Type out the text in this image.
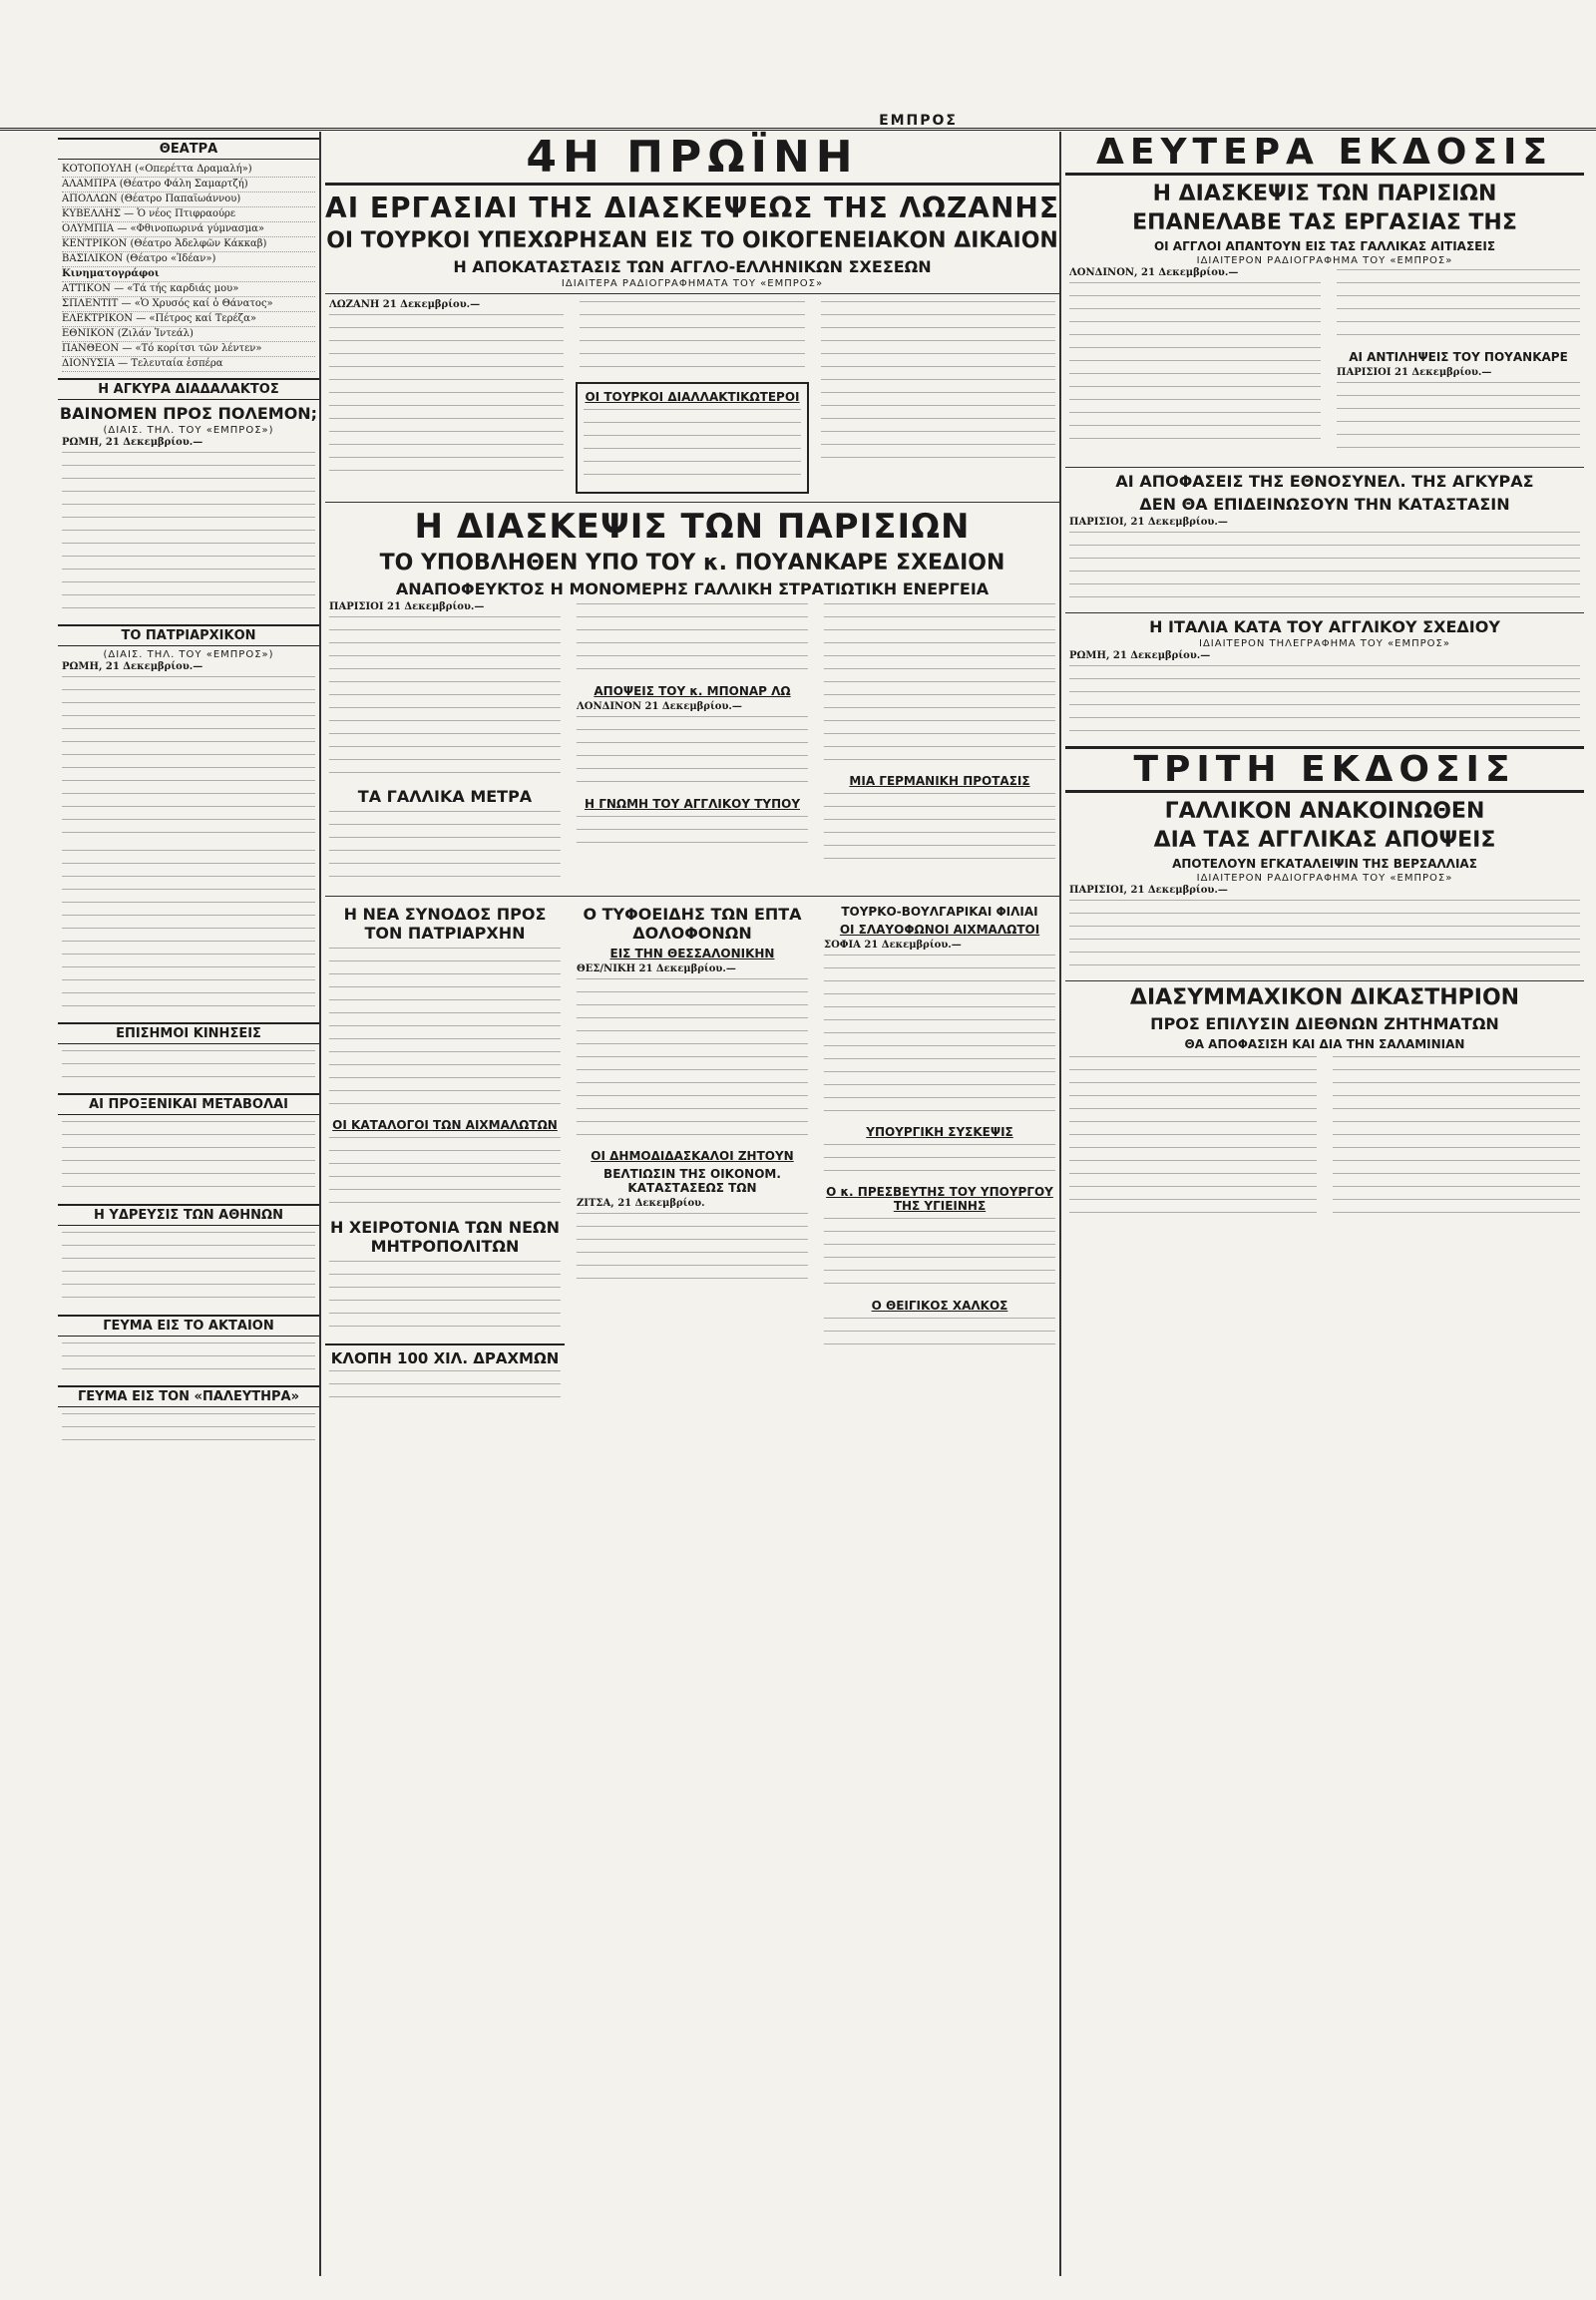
ΕΜΠΡΟΣ
ΘΕΑΤΡΑ
ΚΟΤΟΠΟΥΛΗ («Οπερέττα Δραμαλή»)
ΑΛΑΜΠΡΑ (Θέατρο Φάλη Σαμαρτζή)
ΑΠΟΛΛΩΝ (Θέατρο Παπαϊωάννου)
ΚΥΒΕΛΛΗΣ — Ὁ νέος Πτιφραούρε
ΟΛΥΜΠΙΑ — «Φθινοπωρινά γύμνασμα»
ΚΕΝΤΡΙΚΟΝ (Θέατρο Ἀδελφῶν Κάκκαβ)
ΒΑΣΙΛΙΚΟΝ (Θέατρο «Ἰδέαν»)
Κινηματογράφοι
ΑΤΤΙΚΟΝ — «Τά τής καρδιάς μου»
ΣΠΛΕΝΤΙΤ — «Ὁ Χρυσός καί ὁ Θάνατος»
ΕΛΕΚΤΡΙΚΟΝ — «Πέτρος καί Τερέζα»
ΕΘΝΙΚΟΝ (Ζιλάν Ἰντεάλ)
ΠΑΝΘΕΟΝ — «Τό κορίτσι τῶν λέντεν»
ΔΙΟΝΥΣΙΑ — Τελευταία ἑσπέρα
Η ΑΓΚΥΡΑ ΔΙΑΔΑΛΑΚΤΟΣ
ΒΑΙΝΟΜΕΝ ΠΡΟΣ ΠΟΛΕΜΟΝ;
(ΔΙΑΙΣ. ΤΗΛ. ΤΟΥ «ΕΜΠΡΟΣ»)
ΡΩΜΗ, 21 Δεκεμβρίου.—
ΤΟ ΠΑΤΡΙΑΡΧΙΚΟΝ
(ΔΙΑΙΣ. ΤΗΛ. ΤΟΥ «ΕΜΠΡΟΣ»)
ΡΩΜΗ, 21 Δεκεμβρίου.—
ΕΠΙΣΗΜΟΙ ΚΙΝΗΣΕΙΣ
ΑΙ ΠΡΟΞΕΝΙΚΑΙ ΜΕΤΑΒΟΛΑΙ
Η ΥΔΡΕΥΣΙΣ ΤΩΝ ΑΘΗΝΩΝ
ΓΕΥΜΑ ΕΙΣ ΤΟ ΑΚΤΑΙΟΝ
ΓΕΥΜΑ ΕΙΣ ΤΟΝ «ΠΑΛΕΥΤΗΡΑ»
4Η ΠΡΩΪΝΗ
ΑΙ ΕΡΓΑΣΙΑΙ ΤΗΣ ΔΙΑΣΚΕΨΕΩΣ ΤΗΣ ΛΩΖΑΝΗΣ
ΟΙ ΤΟΥΡΚΟΙ ΥΠΕΧΩΡΗΣΑΝ ΕΙΣ ΤΟ ΟΙΚΟΓΕΝΕΙΑΚΟΝ ΔΙΚΑΙΟΝ
Η ΑΠΟΚΑΤΑΣΤΑΣΙΣ ΤΩΝ ΑΓΓΛΟ-ΕΛΛΗΝΙΚΩΝ ΣΧΕΣΕΩΝ
ΙΔΙΑΙΤΕΡΑ ΡΑΔΙΟΓΡΑΦΗΜΑΤΑ ΤΟΥ «ΕΜΠΡΟΣ»
ΛΩΖΑΝΗ 21 Δεκεμβρίου.—
ΟΙ ΤΟΥΡΚΟΙ ΔΙΑΛΛΑΚΤΙΚΩΤΕΡΟΙ
Η ΔΙΑΣΚΕΨΙΣ ΤΩΝ ΠΑΡΙΣΙΩΝ
ΤΟ ΥΠΟΒΛΗΘΕΝ ΥΠΟ ΤΟΥ κ. ΠΟΥΑΝΚΑΡΕ ΣΧΕΔΙΟΝ
ΑΝΑΠΟΦΕΥΚΤΟΣ Η ΜΟΝΟΜΕΡΗΣ ΓΑΛΛΙΚΗ ΣΤΡΑΤΙΩΤΙΚΗ ΕΝΕΡΓΕΙΑ
ΠΑΡΙΣΙΟΙ 21 Δεκεμβρίου.—
ΤΑ ΓΑΛΛΙΚΑ ΜΕΤΡΑ
ΑΠΟΨΕΙΣ ΤΟΥ κ. ΜΠΟΝΑΡ ΛΩ
ΛΟΝΔΙΝΟΝ 21 Δεκεμβρίου.—
Η ΓΝΩΜΗ ΤΟΥ ΑΓΓΛΙΚΟΥ ΤΥΠΟΥ
ΜΙΑ ΓΕΡΜΑΝΙΚΗ ΠΡΟΤΑΣΙΣ
Η ΝΕΑ ΣΥΝΟΔΟΣ ΠΡΟΣ ΤΟΝ ΠΑΤΡΙΑΡΧΗΝ
ΟΙ ΚΑΤΑΛΟΓΟΙ ΤΩΝ ΑΙΧΜΑΛΩΤΩΝ
Η ΧΕΙΡΟΤΟΝΙΑ ΤΩΝ ΝΕΩΝ ΜΗΤΡΟΠΟΛΙΤΩΝ
ΚΛΟΠΗ 100 ΧΙΛ. ΔΡΑΧΜΩΝ
Ο ΤΥΦΟΕΙΔΗΣ ΤΩΝ ΕΠΤΑ ΔΟΛΟΦΟΝΩΝ
ΕΙΣ ΤΗΝ ΘΕΣΣΑΛΟΝΙΚΗΝ
ΘΕΣ/ΝΙΚΗ 21 Δεκεμβρίου.—
ΟΙ ΔΗΜΟΔΙΔΑΣΚΑΛΟΙ ΖΗΤΟΥΝ
ΒΕΛΤΙΩΣΙΝ ΤΗΣ ΟΙΚΟΝΟΜ. ΚΑΤΑΣΤΑΣΕΩΣ ΤΩΝ
ΖΙΤΣΑ, 21 Δεκεμβρίου.
ΤΟΥΡΚΟ-ΒΟΥΛΓΑΡΙΚΑΙ ΦΙΛΙΑΙ
ΟΙ ΣΛΑΥΟΦΩΝΟΙ ΑΙΧΜΑΛΩΤΟΙ
ΣΟΦΙΑ 21 Δεκεμβρίου.—
ΥΠΟΥΡΓΙΚΗ ΣΥΣΚΕΨΙΣ
Ο κ. ΠΡΕΣΒΕΥΤΗΣ ΤΟΥ ΥΠΟΥΡΓΟΥ ΤΗΣ ΥΓΙΕΙΝΗΣ
Ο ΘΕΙΓΙΚΟΣ ΧΑΛΚΟΣ
ΔΕΥΤΕΡΑ ΕΚΔΟΣΙΣ
Η ΔΙΑΣΚΕΨΙΣ ΤΩΝ ΠΑΡΙΣΙΩΝ
ΕΠΑΝΕΛΑΒΕ ΤΑΣ ΕΡΓΑΣΙΑΣ ΤΗΣ
ΟΙ ΑΓΓΛΟΙ ΑΠΑΝΤΟΥΝ ΕΙΣ ΤΑΣ ΓΑΛΛΙΚΑΣ ΑΙΤΙΑΣΕΙΣ
ΙΔΙΑΙΤΕΡΟΝ ΡΑΔΙΟΓΡΑΦΗΜΑ ΤΟΥ «ΕΜΠΡΟΣ»
ΛΟΝΔΙΝΟΝ, 21 Δεκεμβρίου.—
ΑΙ ΑΝΤΙΛΗΨΕΙΣ ΤΟΥ ΠΟΥΑΝΚΑΡΕ
ΠΑΡΙΣΙΟΙ 21 Δεκεμβρίου.—
ΑΙ ΑΠΟΦΑΣΕΙΣ ΤΗΣ ΕΘΝΟΣΥΝΕΛ. ΤΗΣ ΑΓΚΥΡΑΣ
ΔΕΝ ΘΑ ΕΠΙΔΕΙΝΩΣΟΥΝ ΤΗΝ ΚΑΤΑΣΤΑΣΙΝ
ΠΑΡΙΣΙΟΙ, 21 Δεκεμβρίου.—
Η ΙΤΑΛΙΑ ΚΑΤΑ ΤΟΥ ΑΓΓΛΙΚΟΥ ΣΧΕΔΙΟΥ
ΙΔΙΑΙΤΕΡΟΝ ΤΗΛΕΓΡΑΦΗΜΑ ΤΟΥ «ΕΜΠΡΟΣ»
ΡΩΜΗ, 21 Δεκεμβρίου.—
ΤΡΙΤΗ ΕΚΔΟΣΙΣ
ΓΑΛΛΙΚΟΝ ΑΝΑΚΟΙΝΩΘΕΝ
ΔΙΑ ΤΑΣ ΑΓΓΛΙΚΑΣ ΑΠΟΨΕΙΣ
ΑΠΟΤΕΛΟΥΝ ΕΓΚΑΤΑΛΕΙΨΙΝ ΤΗΣ ΒΕΡΣΑΛΛΙΑΣ
ΙΔΙΑΙΤΕΡΟΝ ΡΑΔΙΟΓΡΑΦΗΜΑ ΤΟΥ «ΕΜΠΡΟΣ»
ΠΑΡΙΣΙΟΙ, 21 Δεκεμβρίου.—
ΔΙΑΣΥΜΜΑΧΙΚΟΝ ΔΙΚΑΣΤΗΡΙΟΝ
ΠΡΟΣ ΕΠΙΛΥΣΙΝ ΔΙΕΘΝΩΝ ΖΗΤΗΜΑΤΩΝ
ΘΑ ΑΠΟΦΑΣΙΣΗ ΚΑΙ ΔΙΑ ΤΗΝ ΣΑΛΑΜΙΝΙΑΝ
